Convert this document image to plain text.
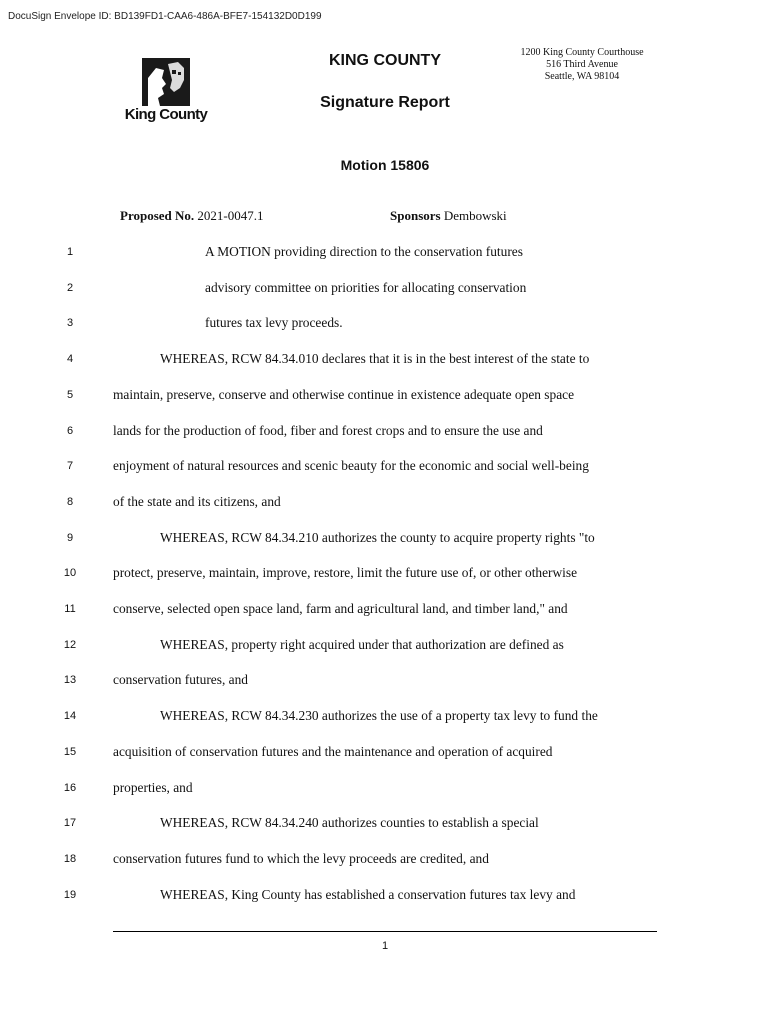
DocuSign Envelope ID: BD139FD1-CAA6-486A-BFE7-154132D0D199
King County
KING COUNTY
Signature Report
1200 King County Courthouse
516 Third Avenue
Seattle, WA 98104
Motion 15806
Proposed No. 2021-0047.1	Sponsors Dembowski
1	A MOTION providing direction to the conservation futures
2	advisory committee on priorities for allocating conservation
3	futures tax levy proceeds.
4	WHEREAS, RCW 84.34.010 declares that it is in the best interest of the state to
5	maintain, preserve, conserve and otherwise continue in existence adequate open space
6	lands for the production of food, fiber and forest crops and to ensure the use and
7	enjoyment of natural resources and scenic beauty for the economic and social well-being
8	of the state and its citizens, and
9	WHEREAS, RCW 84.34.210 authorizes the county to acquire property rights "to
10	protect, preserve, maintain, improve, restore, limit the future use of, or other otherwise
11	conserve, selected open space land, farm and agricultural land, and timber land," and
12	WHEREAS, property right acquired under that authorization are defined as
13	conservation futures, and
14	WHEREAS, RCW 84.34.230 authorizes the use of a property tax levy to fund the
15	acquisition of conservation futures and the maintenance and operation of acquired
16	properties, and
17	WHEREAS, RCW 84.34.240 authorizes counties to establish a special
18	conservation futures fund to which the levy proceeds are credited, and
19	WHEREAS, King County has established a conservation futures tax levy and
1
